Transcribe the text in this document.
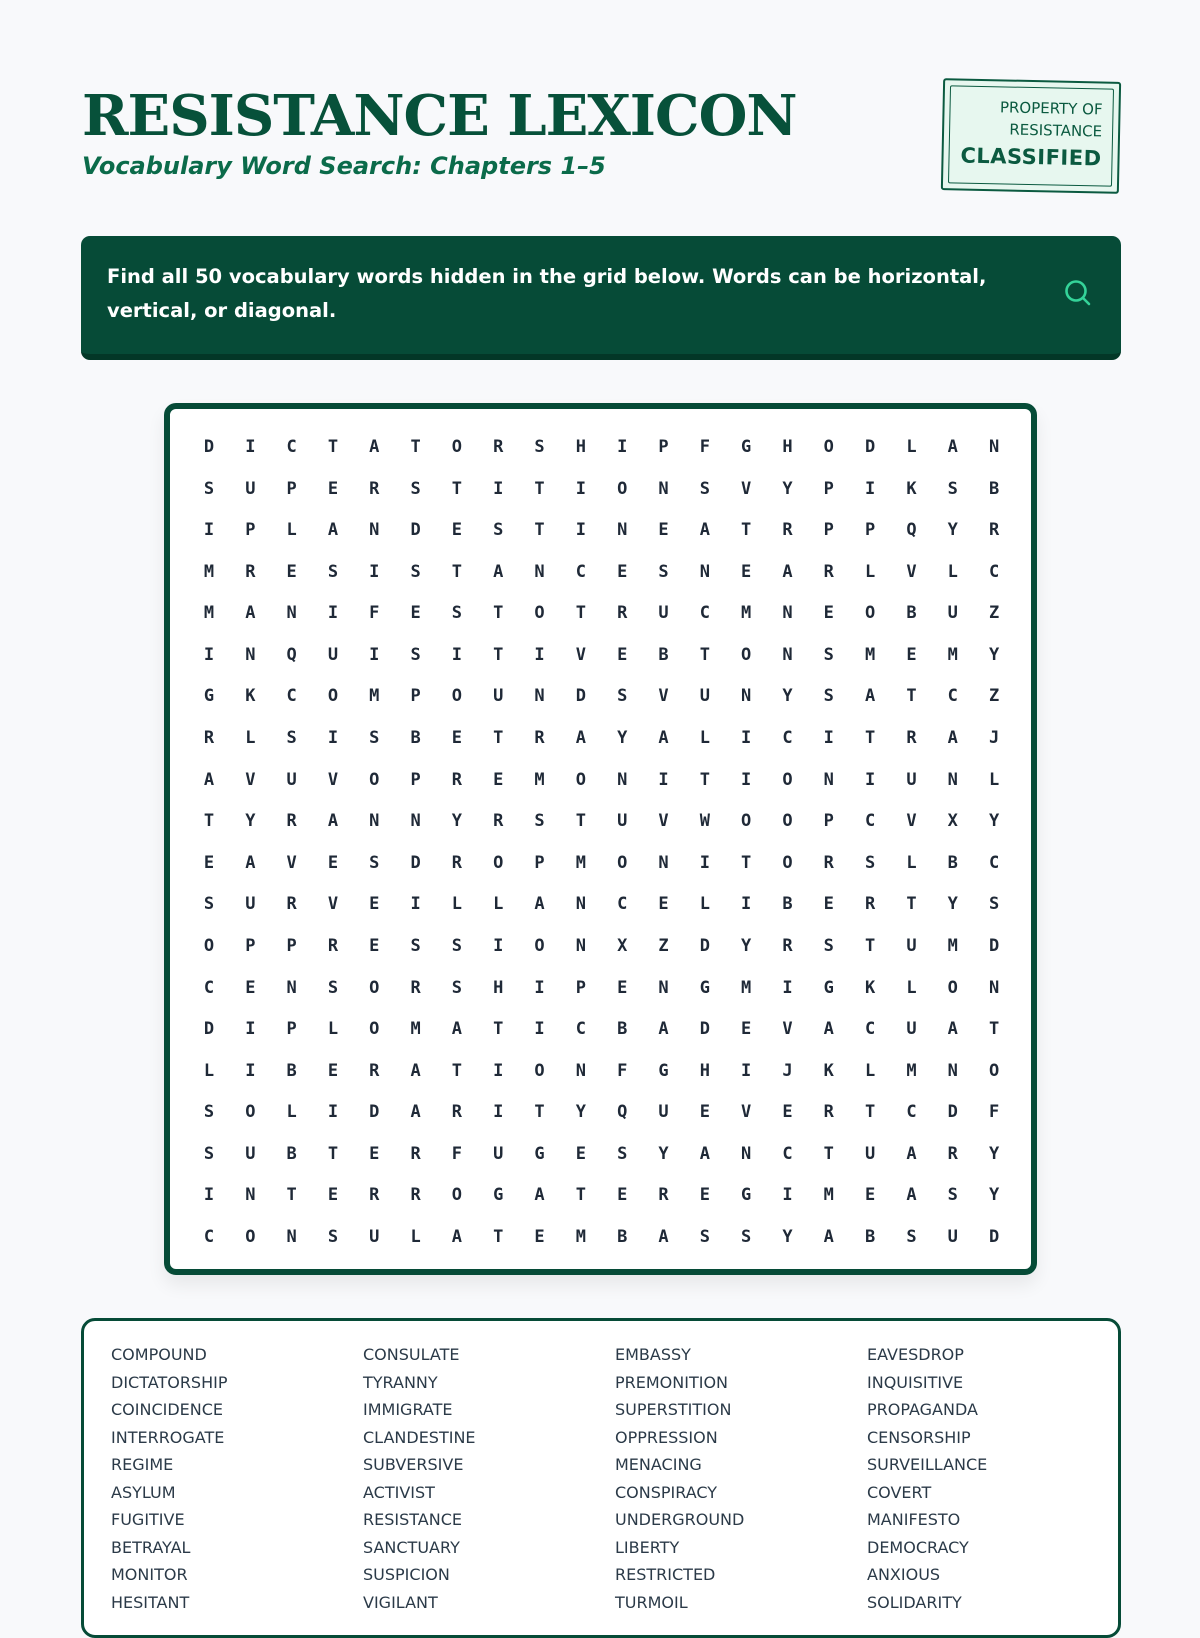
RESISTANCE LEXICON
Vocabulary Word Search: Chapters 1–5
PROPERTY OF
RESISTANCE
CLASSIFIED

Find all 50 vocabulary words hidden in the grid below. Words can be horizontal, vertical, or diagonal.

D	I	C	T	A	T	O	R	S	H	I	P	F	G	H	O	D	L	A	N
S	U	P	E	R	S	T	I	T	I	O	N	S	V	Y	P	I	K	S	B
I	P	L	A	N	D	E	S	T	I	N	E	A	T	R	P	P	Q	Y	R
M	R	E	S	I	S	T	A	N	C	E	S	N	E	A	R	L	V	L	C
M	A	N	I	F	E	S	T	O	T	R	U	C	M	N	E	O	B	U	Z
I	N	Q	U	I	S	I	T	I	V	E	B	T	O	N	S	M	E	M	Y
G	K	C	O	M	P	O	U	N	D	S	V	U	N	Y	S	A	T	C	Z
R	L	S	I	S	B	E	T	R	A	Y	A	L	I	C	I	T	R	A	J
A	V	U	V	O	P	R	E	M	O	N	I	T	I	O	N	I	U	N	L
T	Y	R	A	N	N	Y	R	S	T	U	V	W	O	O	P	C	V	X	Y
E	A	V	E	S	D	R	O	P	M	O	N	I	T	O	R	S	L	B	C
S	U	R	V	E	I	L	L	A	N	C	E	L	I	B	E	R	T	Y	S
O	P	P	R	E	S	S	I	O	N	X	Z	D	Y	R	S	T	U	M	D
C	E	N	S	O	R	S	H	I	P	E	N	G	M	I	G	K	L	O	N
D	I	P	L	O	M	A	T	I	C	B	A	D	E	V	A	C	U	A	T
L	I	B	E	R	A	T	I	O	N	F	G	H	I	J	K	L	M	N	O
S	O	L	I	D	A	R	I	T	Y	Q	U	E	V	E	R	T	C	D	F
S	U	B	T	E	R	F	U	G	E	S	Y	A	N	C	T	U	A	R	Y
I	N	T	E	R	R	O	G	A	T	E	R	E	G	I	M	E	A	S	Y
C	O	N	S	U	L	A	T	E	M	B	A	S	S	Y	A	B	S	U	D
COMPOUND
DICTATORSHIP
COINCIDENCE
INTERROGATE
REGIME
ASYLUM
FUGITIVE
BETRAYAL
MONITOR
HESITANT
CONSULATE
TYRANNY
IMMIGRATE
CLANDESTINE
SUBVERSIVE
ACTIVIST
RESISTANCE
SANCTUARY
SUSPICION
VIGILANT
EMBASSY
PREMONITION
SUPERSTITION
OPPRESSION
MENACING
CONSPIRACY
UNDERGROUND
LIBERTY
RESTRICTED
TURMOIL
EAVESDROP
INQUISITIVE
PROPAGANDA
CENSORSHIP
SURVEILLANCE
COVERT
MANIFESTO
DEMOCRACY
ANXIOUS
SOLIDARITY
